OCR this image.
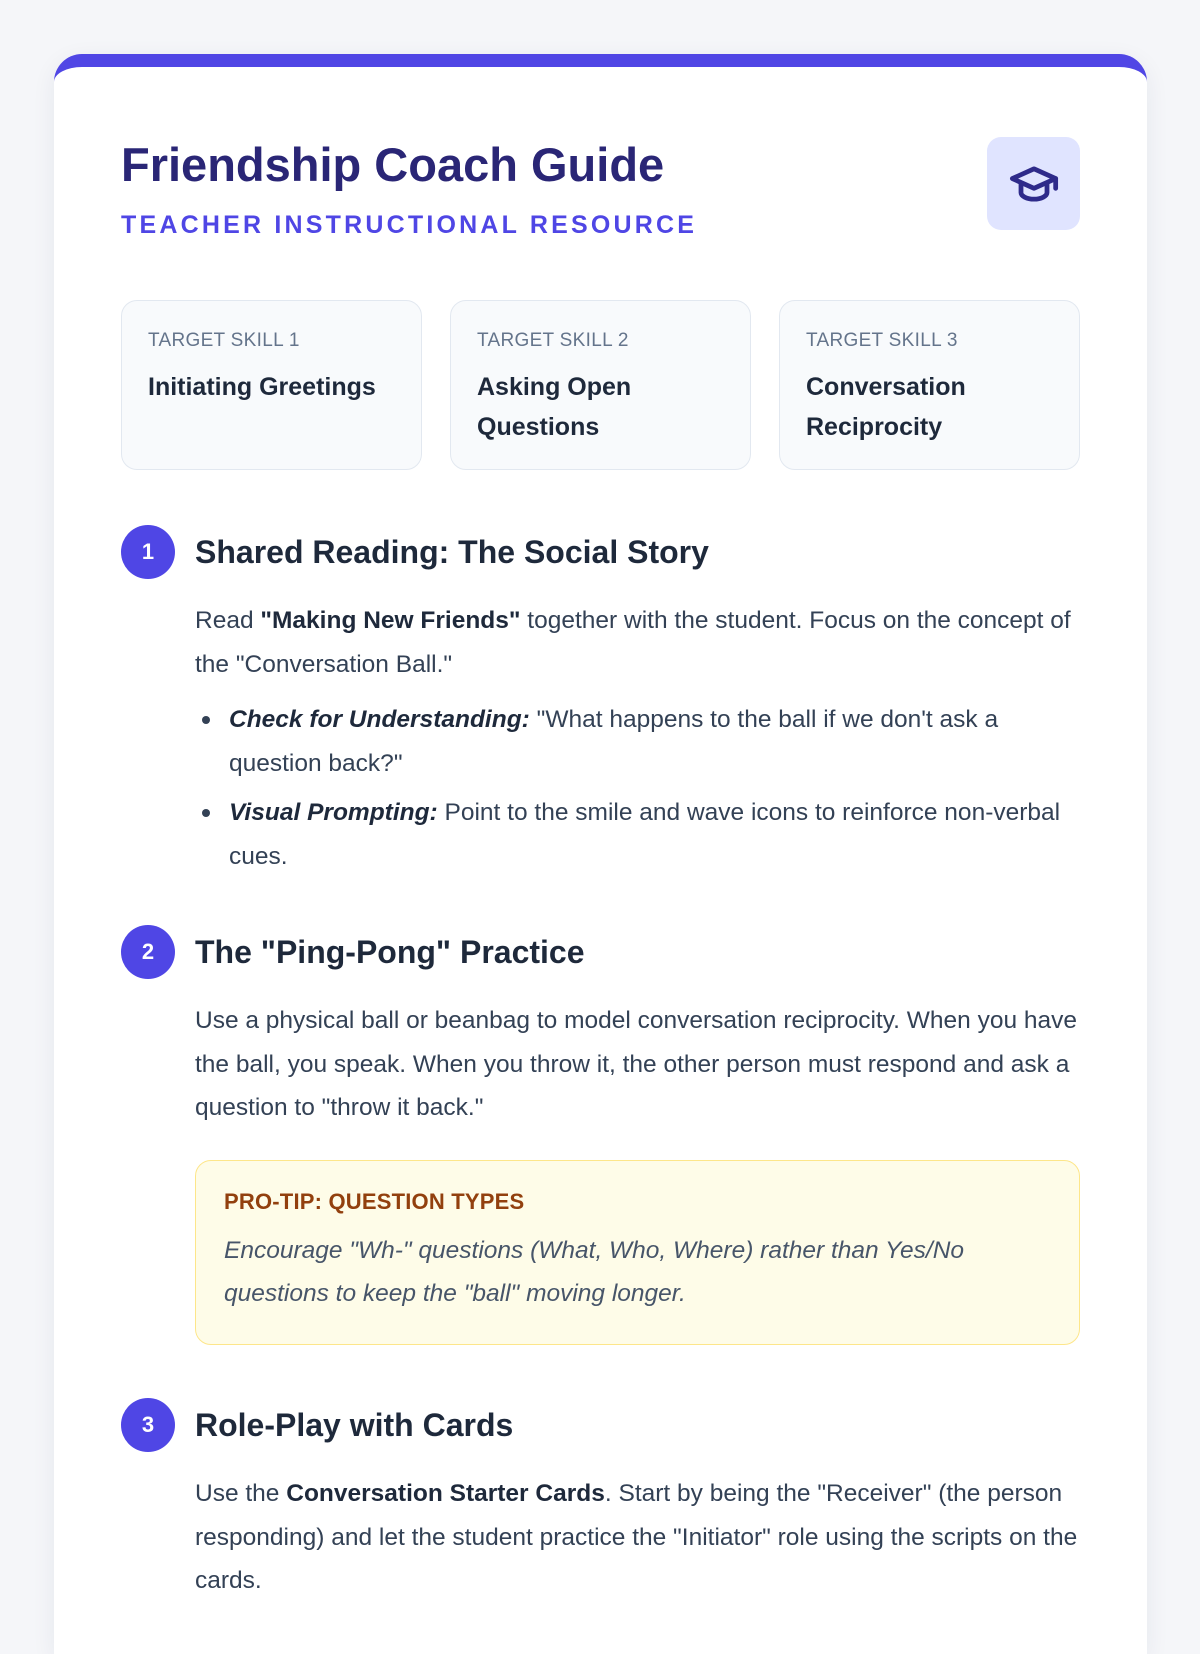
Friendship Coach Guide
TEACHER INSTRUCTIONAL RESOURCE
TARGET SKILL 1
Initiating Greetings
TARGET SKILL 2
Asking Open Questions
TARGET SKILL 3
Conversation Reciprocity
1	Shared Reading: The Social Story

Read "Making New Friends" together with the student. Focus on the concept of the "Conversation Ball."

Check for Understanding: "What happens to the ball if we don't ask a question back?"
Visual Prompting: Point to the smile and wave icons to reinforce non-verbal cues.
2	The "Ping-Pong" Practice

Use a physical ball or beanbag to model conversation reciprocity. When you have the ball, you speak. When you throw it, the other person must respond and ask a question to "throw it back."

PRO-TIP: QUESTION TYPES
Encourage "Wh-" questions (What, Who, Where) rather than Yes/No questions to keep the "ball" moving longer.
3	Role-Play with Cards

Use the Conversation Starter Cards. Start by being the "Receiver" (the person responding) and let the student practice the "Initiator" role using the scripts on the cards.
